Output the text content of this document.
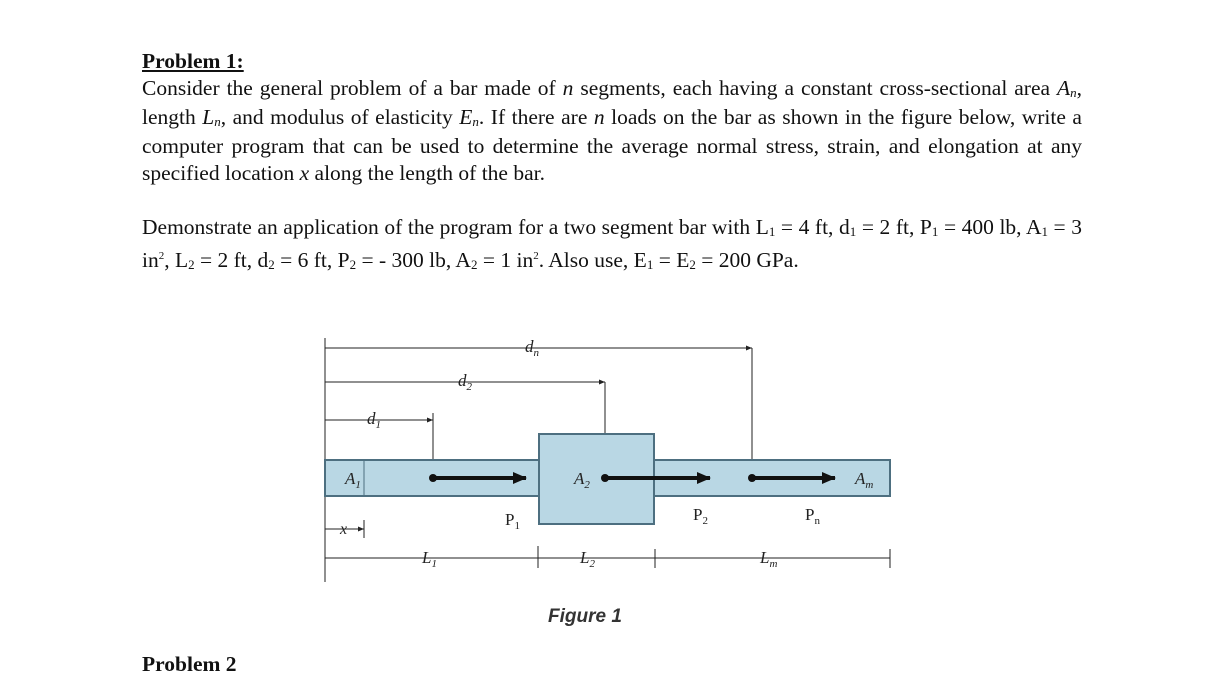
Problem 1:
Consider the general problem of a bar made of n segments, each having a constant cross-sectional area $A_n$, length $L_n$, and modulus of elasticity $E_n$. If there are n loads on the bar as shown in the figure below, write a computer program that can be used to determine the average normal stress, strain, and elongation at any specified location x along the length of the bar.
Demonstrate an application of the program for a two segment bar with $L_1 = 4$ ft, $d_1 = 2$ ft, $P_1 = 400$ lb, $A_1 = 3$ $in^2$, $L_2 = 2$ ft, $d_2 = 6$ ft, $P_2$ = - 300 lb, $A_2 = 1$ $in^2$. Also use, $E_1 = E_2 = 200$ GPa.
$d_n$
$d_2$
$d_1$
$A_1$	$A_2$	$A_m$
$P_1$
$P_2$	$P_n$
x
$L_1$	$L_2$	$L_m$
Figure 1
Problem 2
